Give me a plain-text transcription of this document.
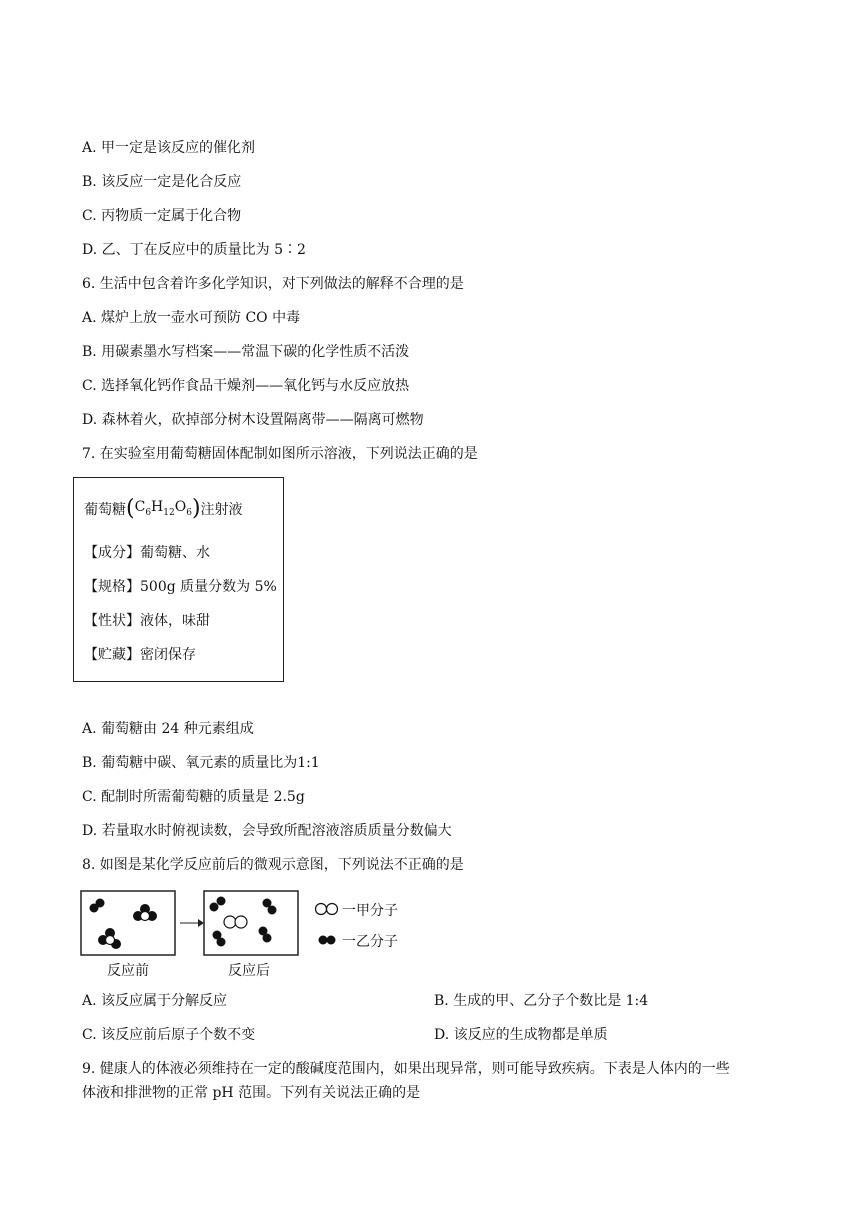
A. 甲一定是该反应的催化剂
B. 该反应一定是化合反应
C. 丙物质一定属于化合物
D. 乙、丁在反应中的质量比为 5∶2
6. 生活中包含着许多化学知识，对下列做法的解释不合理的是
A. 煤炉上放一壶水可预防 CO 中毒
B. 用碳素墨水写档案——常温下碳的化学性质不活泼
C. 选择氧化钙作食品干燥剂——氧化钙与水反应放热
D. 森林着火，砍掉部分树木设置隔离带——隔离可燃物
7. 在实验室用葡萄糖固体配制如图所示溶液，下列说法正确的是
葡萄糖 ( $C_6H_{12}O_6$ ) 注射液
【成分】葡萄糖、水
【规格】500g 质量分数为 5%
【性状】液体，味甜
【贮藏】密闭保存
A. 葡萄糖由 24 种元素组成
B. 葡萄糖中碳、氧元素的质量比为1:1
C. 配制时所需葡萄糖的质量是 2.5g
D. 若量取水时俯视读数，会导致所配溶液溶质质量分数偏大
8. 如图是某化学反应前后的微观示意图，下列说法不正确的是
一甲分子
一乙分子
反应前	反应后
A. 该反应属于分解反应	B. 生成的甲、乙分子个数比是 1:4
C. 该反应前后原子个数不变	D. 该反应的生成物都是单质
9. 健康人的体液必须维持在一定的酸碱度范围内，如果出现异常，则可能导致疾病。下表是人体内的一些
体液和排泄物的正常 pH 范围。下列有关说法正确的是
